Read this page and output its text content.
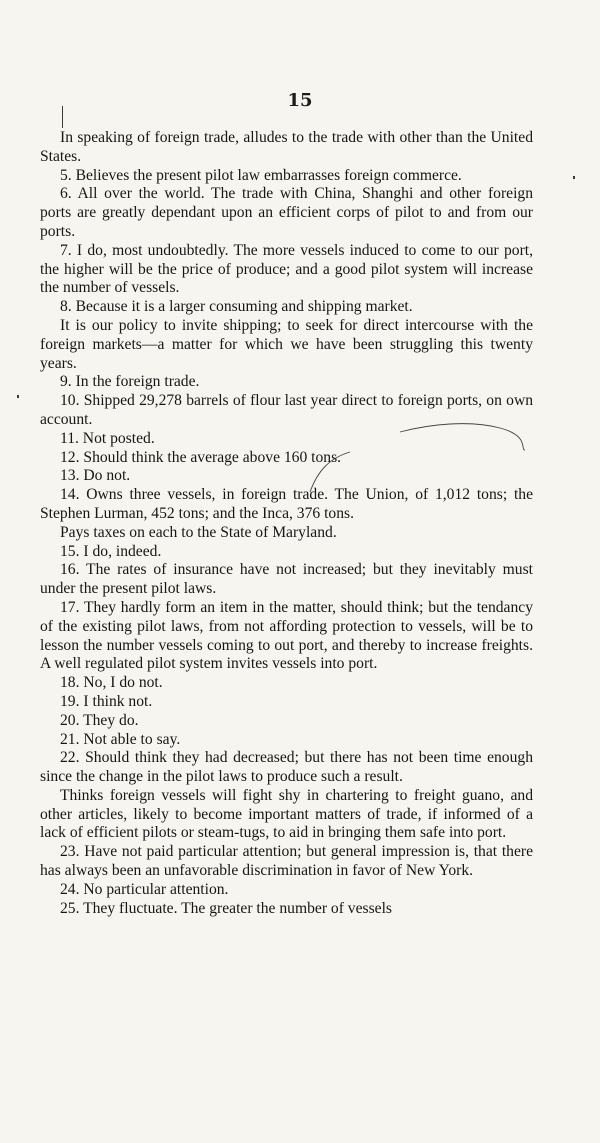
15

In speaking of foreign trade, alludes to the trade with other than the United States.

5. Believes the present pilot law embarrasses foreign commerce.

6. All over the world. The trade with China, Shanghi and other foreign ports are greatly dependant upon an efficient corps of pilot to and from our ports.

7. I do, most undoubtedly. The more vessels induced to come to our port, the higher will be the price of produce; and a good pilot system will increase the number of vessels.

8. Because it is a larger consuming and shipping market.

It is our policy to invite shipping; to seek for direct intercourse with the foreign markets—a matter for which we have been struggling this twenty years.

9. In the foreign trade.

10. Shipped 29,278 barrels of flour last year direct to foreign ports, on own account.

11. Not posted.

12. Should think the average above 160 tons.

13. Do not.

14. Owns three vessels, in foreign trade. The Union, of 1,012 tons; the Stephen Lurman, 452 tons; and the Inca, 376 tons.

Pays taxes on each to the State of Maryland.

15. I do, indeed.

16. The rates of insurance have not increased; but they inevitably must under the present pilot laws.

17. They hardly form an item in the matter, should think; but the tendancy of the existing pilot laws, from not affording protection to vessels, will be to lesson the number vessels coming to out port, and thereby to increase freights. A well regulated pilot system invites vessels into port.

18. No, I do not.

19. I think not.

20. They do.

21. Not able to say.

22. Should think they had decreased; but there has not been time enough since the change in the pilot laws to produce such a result.

Thinks foreign vessels will fight shy in chartering to freight guano, and other articles, likely to become important matters of trade, if informed of a lack of efficient pilots or steam-tugs, to aid in bringing them safe into port.

23. Have not paid particular attention; but general impression is, that there has always been an unfavorable discrimination in favor of New York.

24. No particular attention.

25. They fluctuate. The greater the number of vessels
